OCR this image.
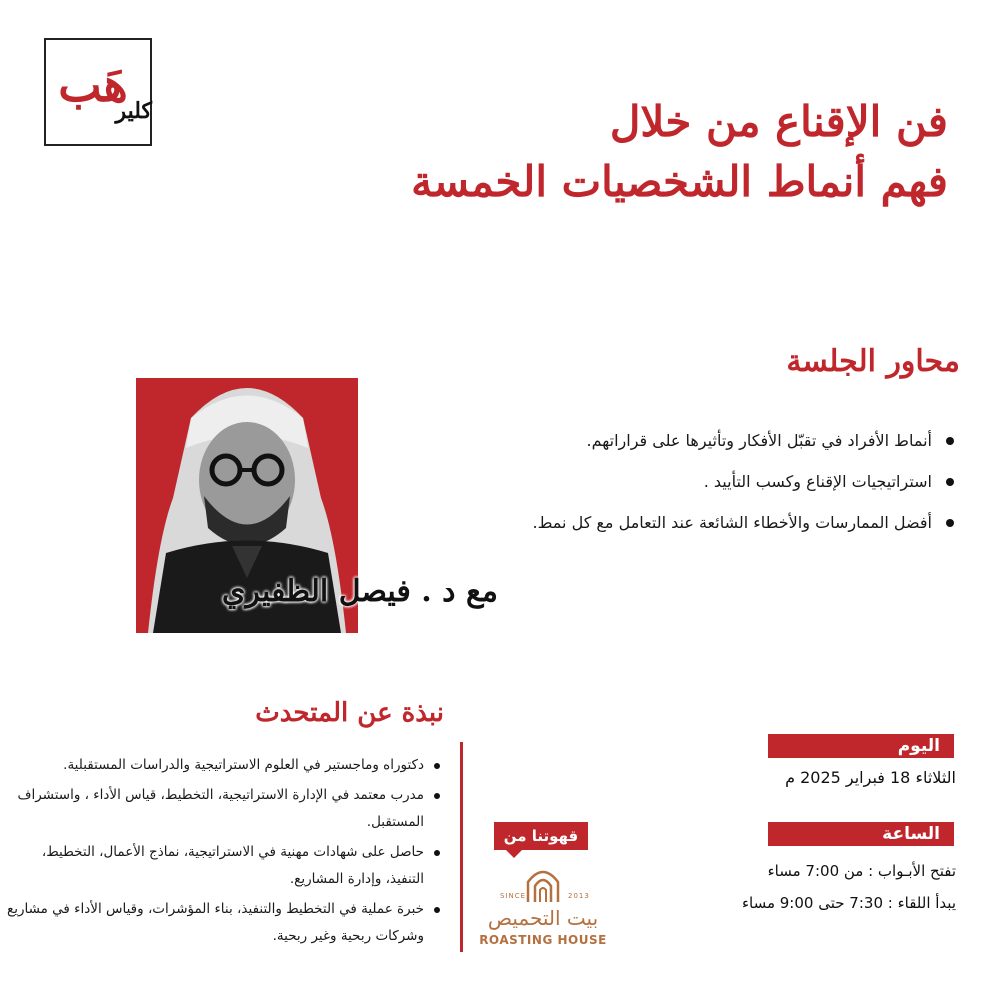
هَب
كلير	فن الإقناع من خلال
فهم أنماط الشخصيات الخمسة
مع د . فيصل الظفيري
محاور الجلسة
أنماط الأفراد في تقبّل الأفكار وتأثيرها على قراراتهم.
استراتيجيات الإقناع وكسب التأييد .
أفضل الممارسات والأخطاء الشائعة عند التعامل مع كل نمط.
نبذة عن المتحدث
دكتوراه وماجستير في العلوم الاستراتيجية والدراسات المستقبلية.
مدرب معتمد في الإدارة الاستراتيجية، التخطيط، قياس الأداء ، واستشراف المستقبل.
حاصل على شهادات مهنية في الاستراتيجية، نماذج الأعمال، التخطيط، التنفيذ، وإدارة المشاريع.
خبرة عملية في التخطيط والتنفيذ، بناء المؤشرات، وقياس الأداء في مشاريع وشركات ربحية وغير ربحية.
قهوتنا من
SINCE	2013
بيت التحميص
ROASTING HOUSE
اليوم
الثلاثاء 18 فبراير 2025 م
الساعة
تفتح الأبـواب : من 7:00 مساء
يبدأ اللقاء : 7:30 حتى 9:00 مساء
